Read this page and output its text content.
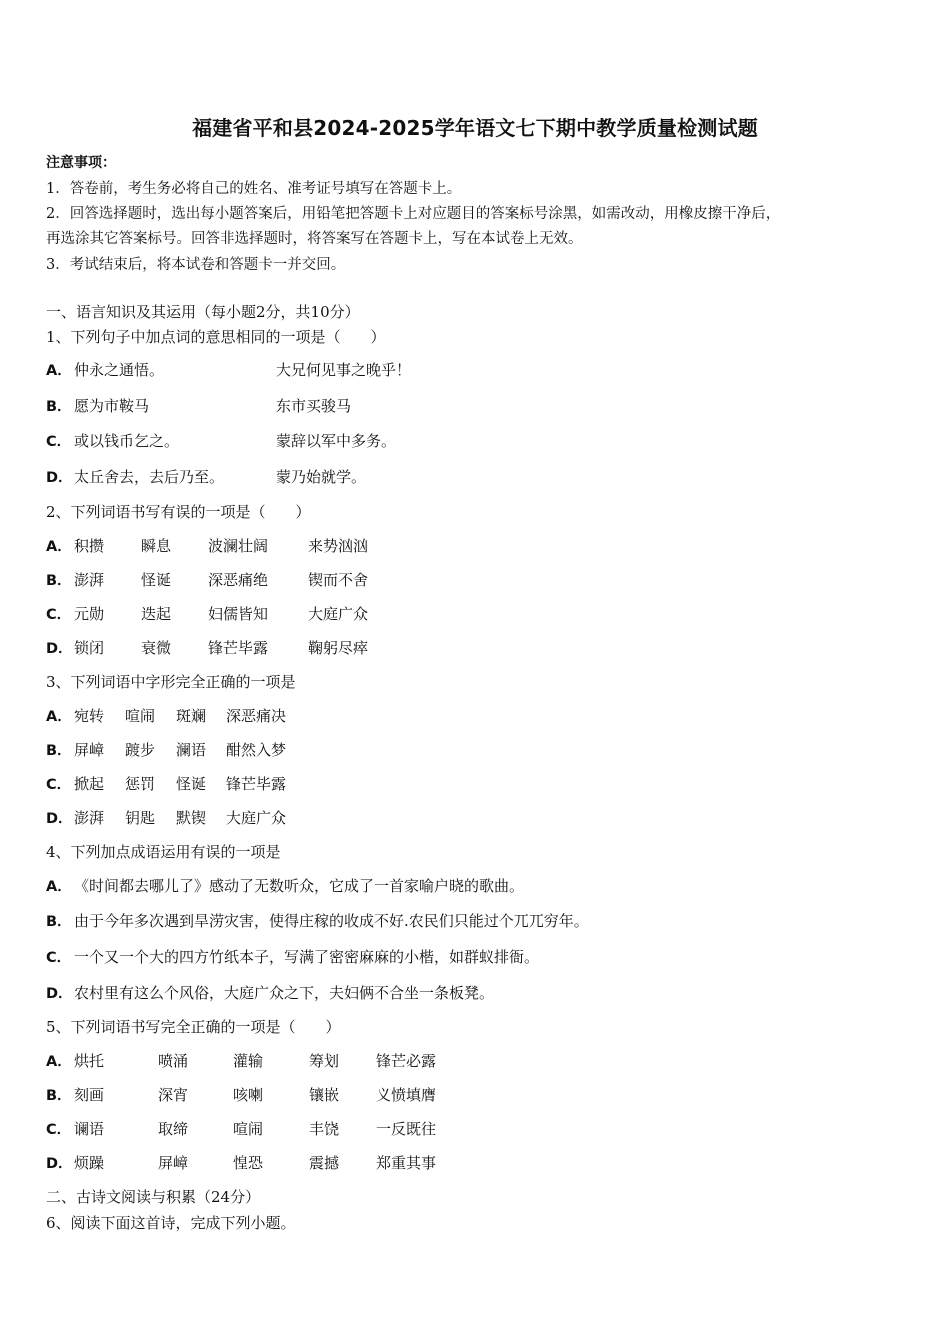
福建省平和县2024-2025学年语文七下期中教学质量检测试题
注意事项：
1．答卷前，考生务必将自己的姓名、准考证号填写在答题卡上。
2．回答选择题时，选出每小题答案后，用铅笔把答题卡上对应题目的答案标号涂黑，如需改动，用橡皮擦干净后，
再选涂其它答案标号。回答非选择题时，将答案写在答题卡上，写在本试卷上无效。
3．考试结束后，将本试卷和答题卡一并交回。
一、语言知识及其运用（每小题2分，共10分）
1、下列句子中加点词的意思相同的一项是（　　）
A． 仲永之通悟。	大兄何见事之晚乎！
B． 愿为市鞍马	东市买骏马
C． 或以钱币乞之。	蒙辞以军中多务。
D． 太丘舍去，去后乃至。	蒙乃始就学。
2、下列词语书写有误的一项是（　　）
A． 积攒	瞬息	波澜壮阔	来势汹汹
B． 澎湃	怪诞	深恶痛绝	锲而不舍
C． 元勋	迭起	妇儒皆知	大庭广众
D． 锁闭	衰微	锋芒毕露	鞠躬尽瘁
3、下列词语中字形完全正确的一项是
A． 宛转	喧闹	斑斓	深恶痛决
B． 屏嶂	踱步	澜语	酣然入梦
C． 掀起	惩罚	怪诞	锋芒毕露
D． 澎湃	钥匙	默锲	大庭广众
4、下列加点成语运用有误的一项是
A． 《时间都去哪儿了》感动了无数听众，它成了一首家喻户晓的歌曲。
B． 由于今年多次遇到旱涝灾害，使得庄稼的收成不好.农民们只能过个兀兀穷年。
C． 一个又一个大的四方竹纸本子，写满了密密麻麻的小楷，如群蚁排衙。
D． 农村里有这么个风俗，大庭广众之下，夫妇俩不合坐一条板凳。
5、下列词语书写完全正确的一项是（　　）
A． 烘托	喷涌	灌输	筹划	锋芒必露
B． 刻画	深宵	咳喇	镶嵌	义愤填膺
C． 谰语	取缔	喧闹	丰饶	一反既往
D． 烦躁	屏嶂	惶恐	震撼	郑重其事
二、古诗文阅读与积累（24分）
6、阅读下面这首诗，完成下列小题。
